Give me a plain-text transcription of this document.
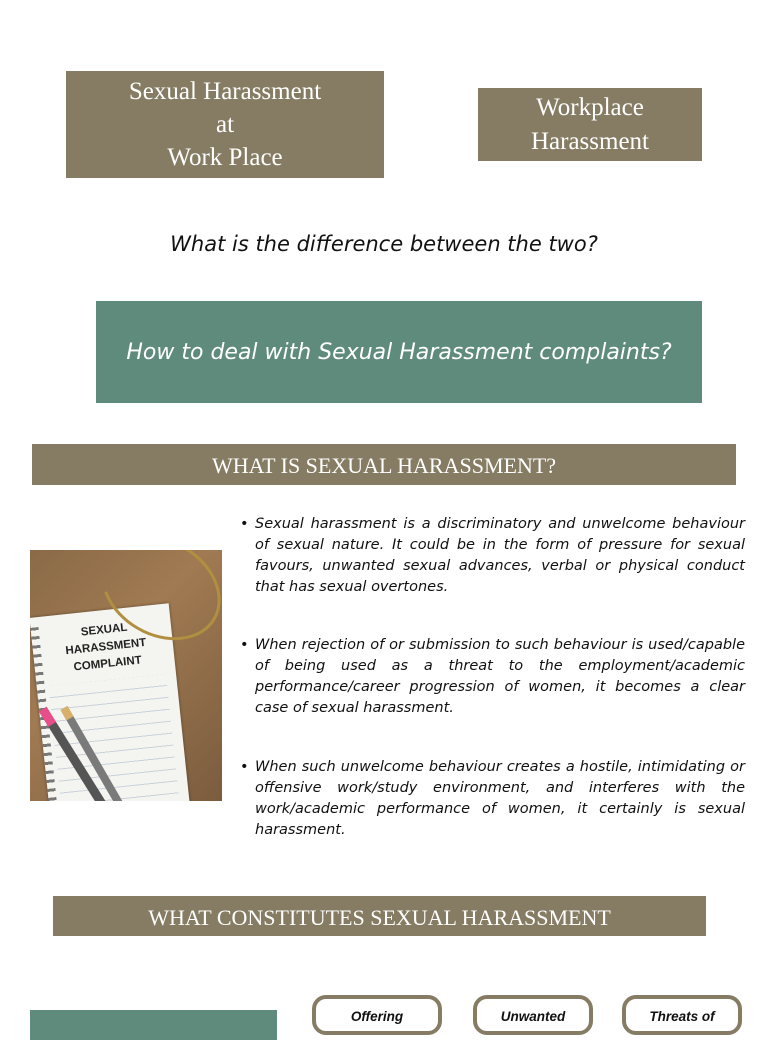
Sexual Harassment
at
Work Place
Workplace
Harassment
What is the difference between the two?
How to deal with Sexual Harassment complaints?
WHAT IS SEXUAL HARASSMENT?
SEXUAL
HARASSMENT
COMPLAINT
• Sexual harassment is a discriminatory and unwelcome behaviour of sexual nature. It could be in the form of pressure for sexual favours, unwanted sexual advances, verbal or physical conduct that has sexual overtones.
• When rejection of or submission to such behaviour is used/capable of being used as a threat to the employment/academic performance/career progression of women, it becomes a clear case of sexual harassment.
• When such unwelcome behaviour creates a hostile, intimidating or offensive work/study environment, and interferes with the work/academic performance of women, it certainly is sexual harassment.
WHAT CONSTITUTES SEXUAL HARASSMENT
Offering	Unwanted	Threats of
